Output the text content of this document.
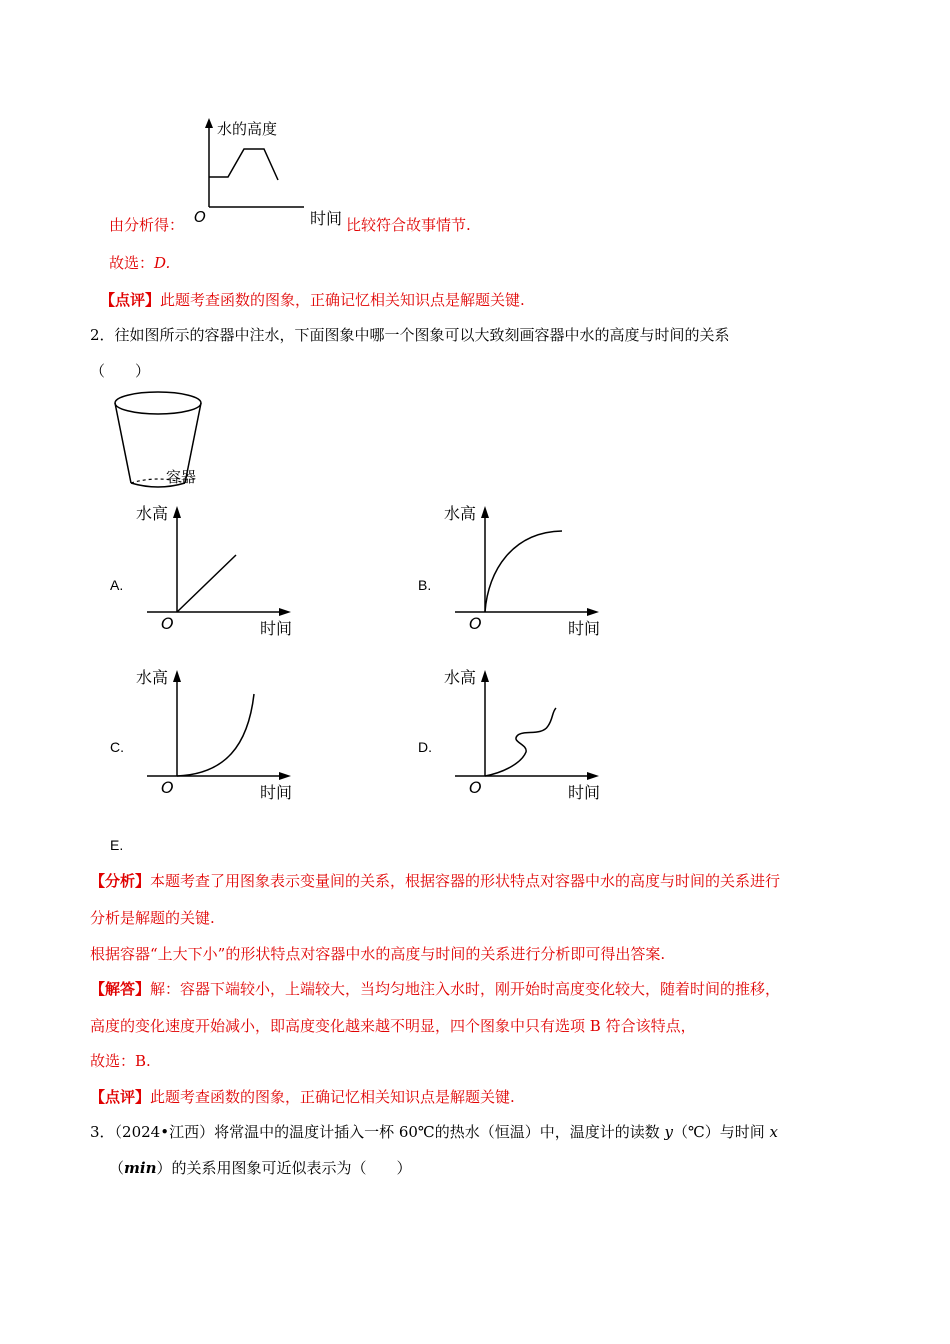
水的高度
O
由分析得：	时间 比较符合故事情节.
故选：D.
【点评】此题考查函数的图象，正确记忆相关知识点是解题关键.
2．往如图所示的容器中注水，下面图象中哪一个图象可以大致刻画容器中水的高度与时间的关系
（　　）
容器
A.
水高
O	时间
B.
水高
O	时间
C.
水高
O	时间
D.
水高
O	时间
E.
【分析】本题考查了用图象表示变量间的关系，根据容器的形状特点对容器中水的高度与时间的关系进行
分析是解题的关键.
根据容器“上大下小”的形状特点对容器中水的高度与时间的关系进行分析即可得出答案.
【解答】解：容器下端较小，上端较大，当均匀地注入水时，刚开始时高度变化较大，随着时间的推移，
高度的变化速度开始减小，即高度变化越来越不明显，四个图象中只有选项 B 符合该特点，
故选：B.
【点评】此题考查函数的图象，正确记忆相关知识点是解题关键.
3．（2024•江西）将常温中的温度计插入一杯 60℃的热水（恒温）中，温度计的读数 y（℃）与时间 x
（min）的关系用图象可近似表示为（　　）
